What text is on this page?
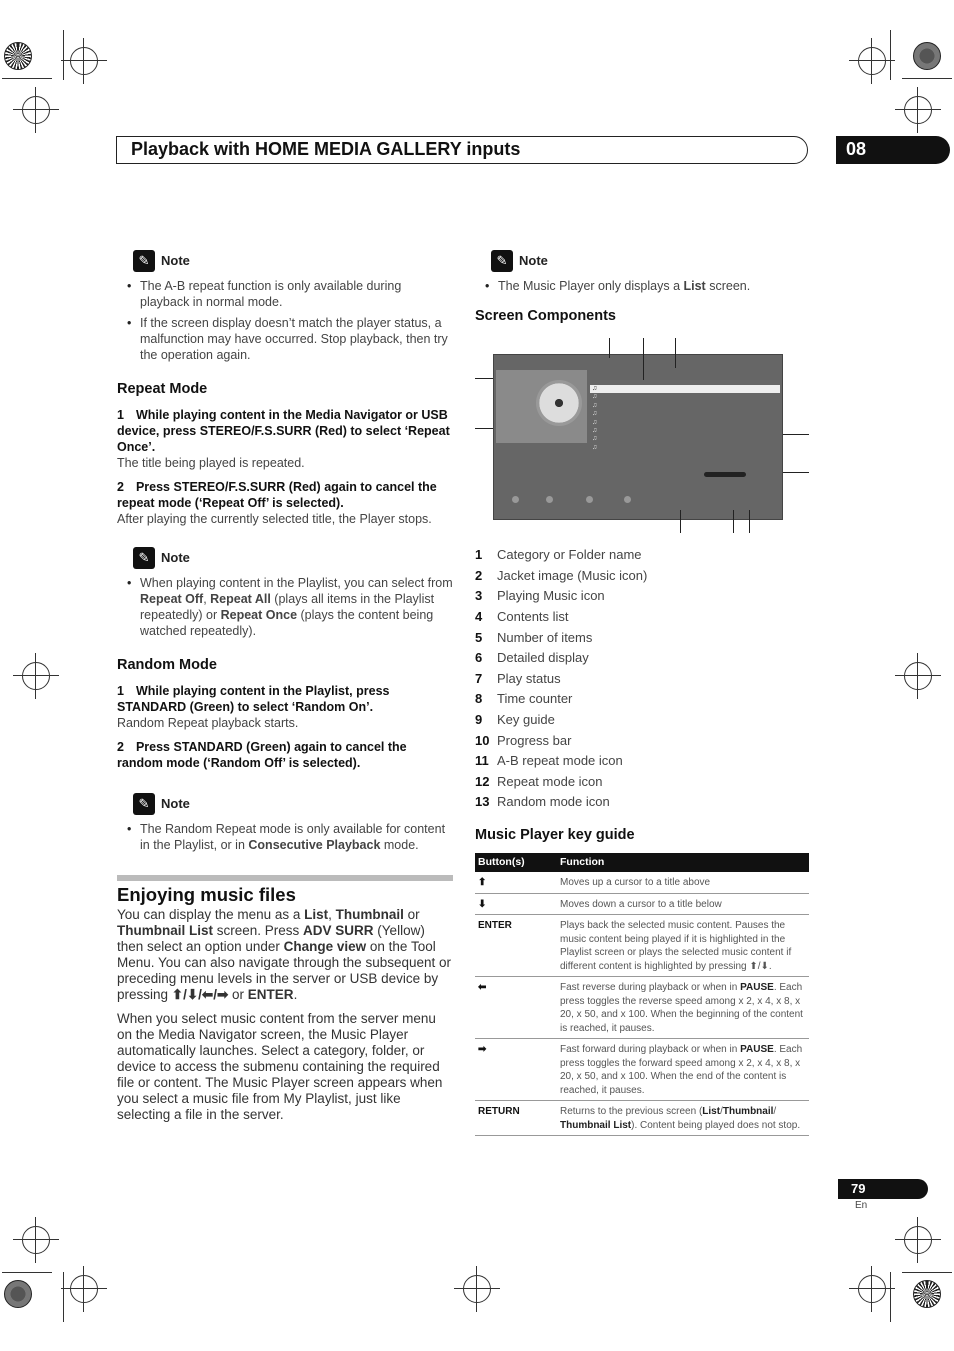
Playback with HOME MEDIA GALLERY inputs	08
✎ Note
• The A-B repeat function is only available during playback in normal mode.
• If the screen display doesn’t match the player status, a malfunction may have occurred. Stop playback, then try the operation again.
Repeat Mode
1 While playing content in the Media Navigator or USB device, press STEREO/F.S.SURR (Red) to select ‘Repeat Once’.
The title being played is repeated.
2 Press STEREO/F.S.SURR (Red) again to cancel the repeat mode (‘Repeat Off’ is selected).
After playing the currently selected title, the Player stops.
✎ Note
• When playing content in the Playlist, you can select from Repeat Off, Repeat All (plays all items in the Playlist repeatedly) or Repeat Once (plays the content being watched repeatedly).
Random Mode
1 While playing content in the Playlist, press STANDARD (Green) to select ‘Random On’.
Random Repeat playback starts.
2 Press STANDARD (Green) again to cancel the random mode (‘Random Off’ is selected).
✎ Note
• The Random Repeat mode is only available for content in the Playlist, or in Consecutive Playback mode.
Enjoying music files

You can display the menu as a List, Thumbnail or Thumbnail List screen. Press ADV SURR (Yellow) then select an option under Change view on the Tool Menu. You can also navigate through the subsequent or preceding menu levels in the server or USB device by pressing ⬆/⬇/⬅/➡ or ENTER.

When you select music content from the server menu on the Media Navigator screen, the Music Player automatically launches. Select a category, folder, or device to access the submenu containing the required file or content. The Music Player screen appears when you select a music file from My Playlist, just like selecting a file in the server.

✎ Note
• The Music Player only displays a List screen.
Screen Components
♫
♫
♫
♫
♫
♫
♫
♫
1	Category or Folder name
2	Jacket image (Music icon)
3	Playing Music icon
4	Contents list
5	Number of items
6	Detailed display
7	Play status
8	Time counter
9	Key guide
10 Progress bar
11 A-B repeat mode icon
12 Repeat mode icon
13 Random mode icon
Music Player key guide
Button(s)	Function
⬆	Moves up a cursor to a title above
⬇	Moves down a cursor to a title below
ENTER	Plays back the selected music content. Pauses the music content being played if it is highlighted in the Playlist screen or plays the selected music content if different content is highlighted by pressing ⬆/⬇.
⬅	Fast reverse during playback or when in PAUSE. Each press toggles the reverse speed among x 2, x 4, x 8, x 20, x 50, and x 100. When the beginning of the content is reached, it pauses.
➡	Fast forward during playback or when in PAUSE. Each press toggles the forward speed among x 2, x 4, x 8, x 20, x 50, and x 100. When the end of the content is reached, it pauses.
RETURN	Returns to the previous screen (List/Thumbnail/ Thumbnail List). Content being played does not stop.
79
En
